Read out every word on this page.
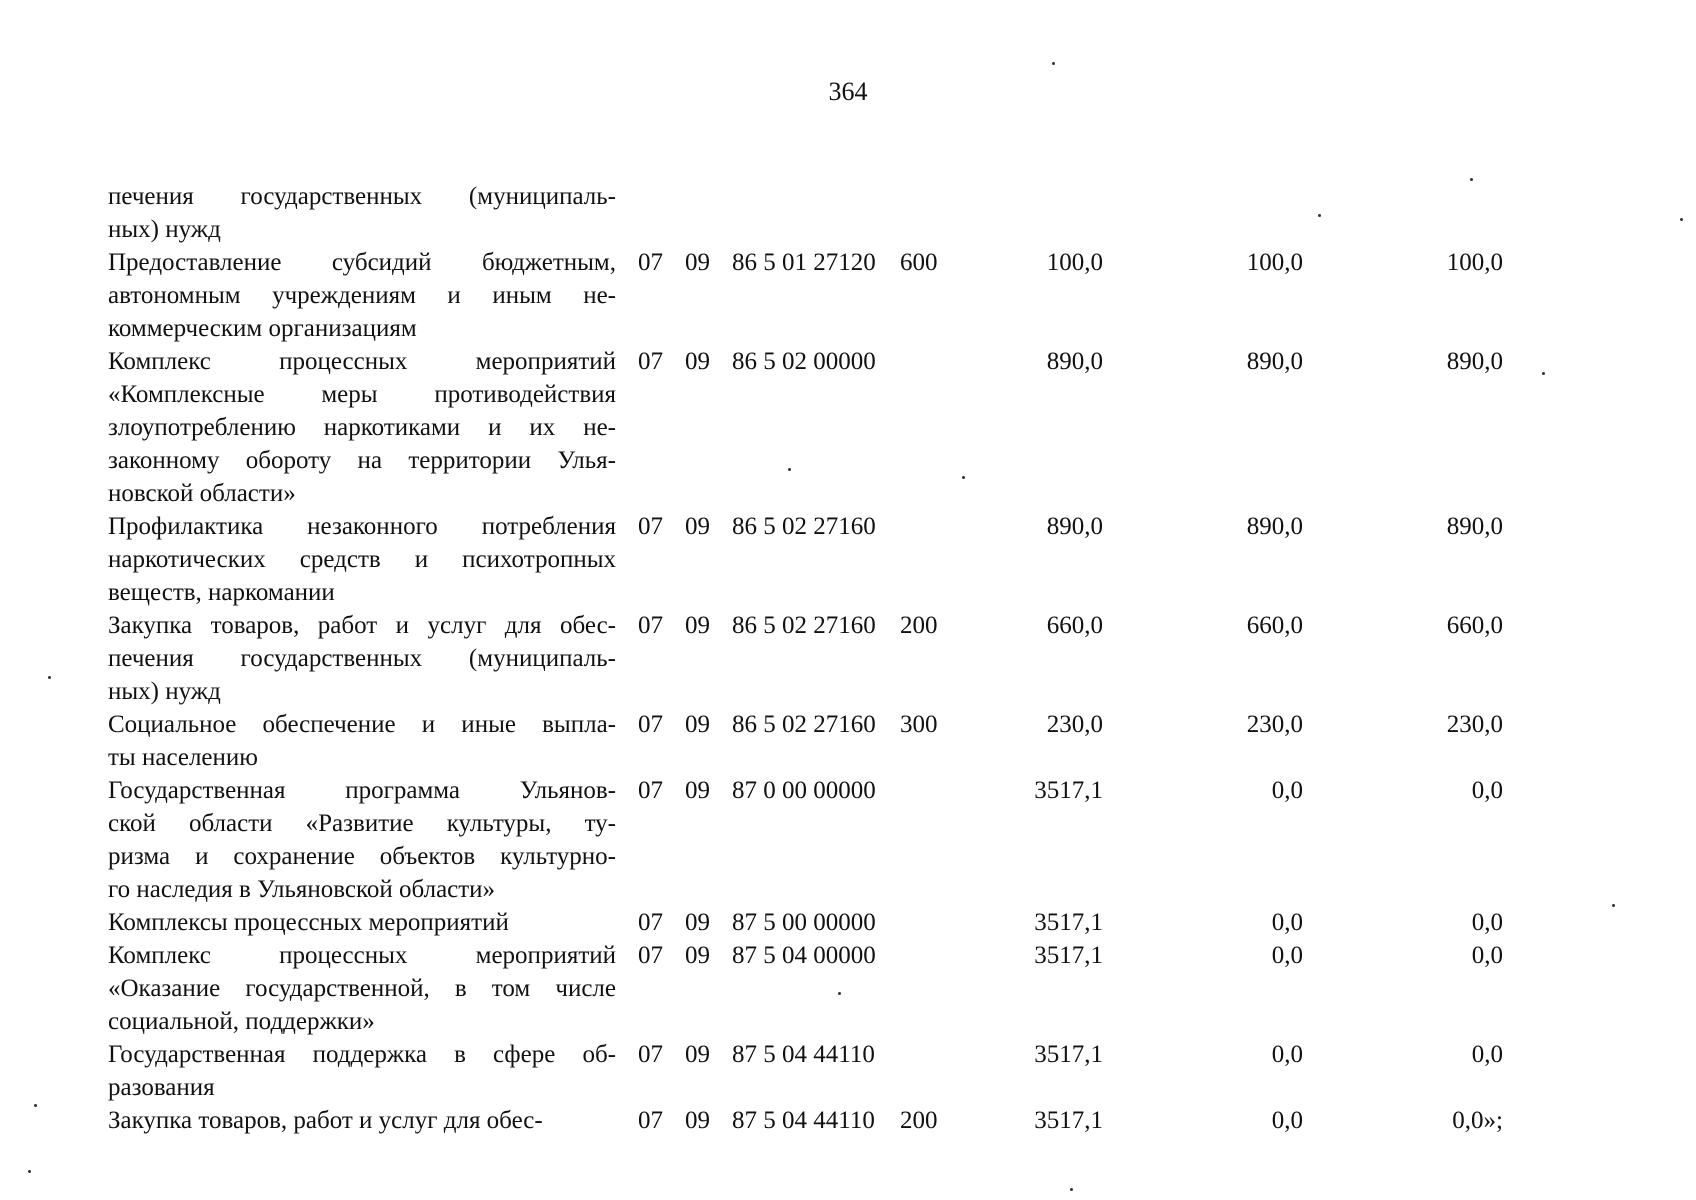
364
печения государственных (муниципаль-
ных) нужд
Предоставление субсидий бюджетным,
автономным учреждениям и иным не-
коммерческим организациям
07 09 86 5 01 27120 600	100,0	100,0	100,0
Комплекс процессных мероприятий
«Комплексные меры противодействия
злоупотреблению наркотиками и их не-
законному обороту на территории Улья-
новской области»
07 09 86 5 02 00000	890,0	890,0	890,0
Профилактика незаконного потребления
наркотических средств и психотропных
веществ, наркомании
07 09 86 5 02 27160	890,0	890,0	890,0
Закупка товаров, работ и услуг для обес-
печения государственных (муниципаль-
ных) нужд
07 09 86 5 02 27160 200	660,0	660,0	660,0
Социальное обеспечение и иные выпла-
ты населению
07 09 86 5 02 27160 300	230,0	230,0	230,0
Государственная программа Ульянов-
ской области «Развитие культуры, ту-
ризма и сохранение объектов культурно-
го наследия в Ульяновской области»
07 09 87 0 00 00000	3517,1	0,0	0,0
Комплексы процессных мероприятий	07 09 87 5 00 00000	3517,1	0,0	0,0
Комплекс процессных мероприятий
«Оказание государственной, в том числе
социальной, поддержки»
07 09 87 5 04 00000	3517,1	0,0	0,0
Государственная поддержка в сфере об-
разования
07 09 87 5 04 44110	3517,1	0,0	0,0
Закупка товаров, работ и услуг для обес-	07 09 87 5 04 44110 200	3517,1	0,0	0,0»;
